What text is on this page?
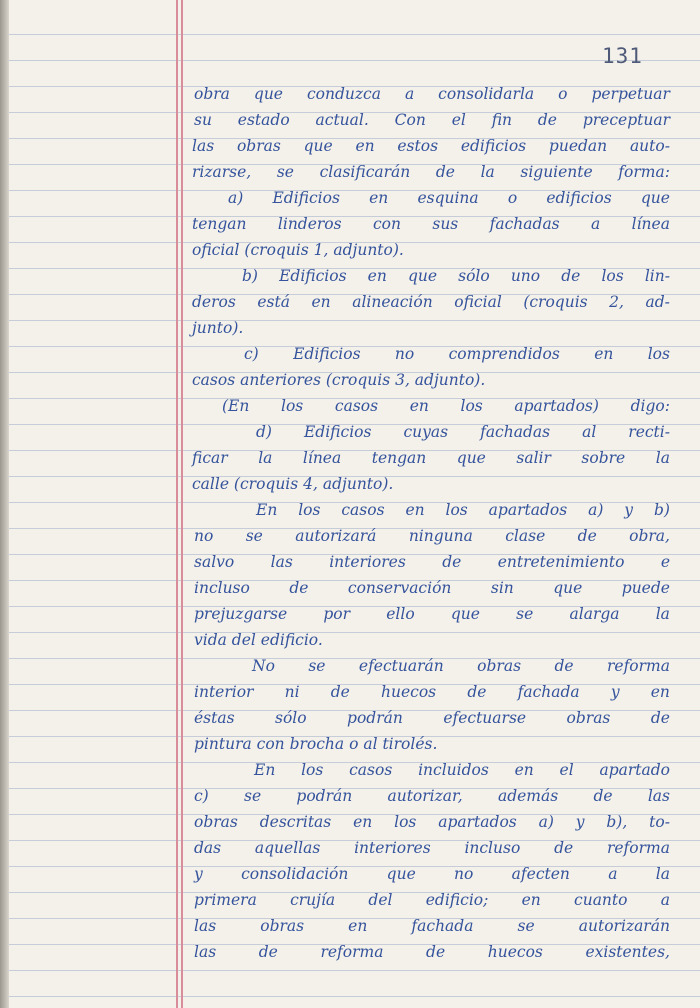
131
obra que conduzca a consolidarla o perpetuar
su estado actual. Con el fin de preceptuar
las obras que en estos edificios puedan auto-
rizarse, se clasificarán de la siguiente forma:
a) Edificios en esquina o edificios que
tengan linderos con sus fachadas a línea
oficial (croquis 1, adjunto).
b) Edificios en que sólo uno de los lin-
deros está en alineación oficial (croquis 2, ad-
junto).
c) Edificios no comprendidos en los
casos anteriores (croquis 3, adjunto).
(En los casos en los apartados) digo:
d) Edificios cuyas fachadas al recti-
ficar la línea tengan que salir sobre la
calle (croquis 4, adjunto).
En los casos en los apartados a) y b)
no se autorizará ninguna clase de obra,
salvo las interiores de entretenimiento e
incluso	de	conservación	sin	que	puede
prejuzgarse por ello que se alarga la
vida del edificio.
No se efectuarán obras de reforma
interior ni de huecos de fachada y en
éstas	sólo	podrán	efectuarse	obras	de
pintura con brocha o al tirolés.
En los casos incluidos en el apartado
c) se podrán autorizar, además de las
obras descritas en los apartados a) y b), to-
das aquellas interiores incluso de reforma
y consolidación que no afecten a la
primera crujía del edificio; en cuanto a
las	obras	en	fachada	se	autorizarán
las	de	reforma	de	huecos	existentes,
